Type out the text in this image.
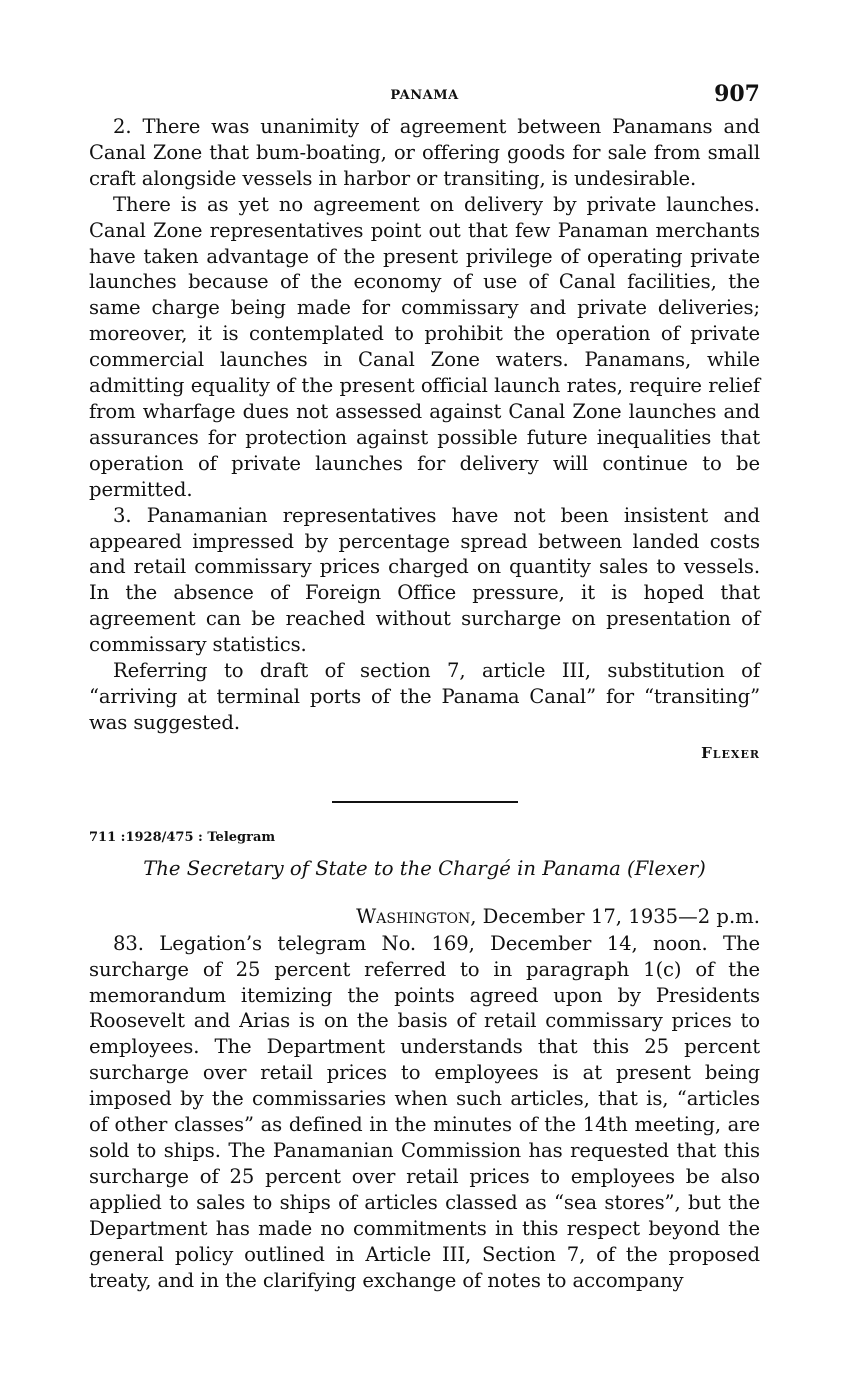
PANAMA	907

2. There was unanimity of agreement between Panamans and Canal Zone that bum-boating, or offering goods for sale from small craft alongside vessels in harbor or transiting, is undesirable.

There is as yet no agreement on delivery by private launches. Canal Zone representatives point out that few Panaman merchants have taken advantage of the present privilege of operating private launches because of the economy of use of Canal facilities, the same charge being made for commissary and private deliveries; moreover, it is contemplated to prohibit the operation of private commercial launches in Canal Zone waters. Panamans, while admitting equality of the present official launch rates, require relief from wharfage dues not assessed against Canal Zone launches and assurances for protection against possible future inequalities that operation of private launches for delivery will continue to be permitted.

3. Panamanian representatives have not been insistent and appeared impressed by percentage spread between landed costs and retail commissary prices charged on quantity sales to vessels. In the absence of Foreign Office pressure, it is hoped that agreement can be reached without surcharge on presentation of commissary statistics.

Referring to draft of section 7, article III, substitution of “arriving at terminal ports of the Panama Canal” for “transiting” was suggested.

Flexer
711 :1928/475 : Telegram
The Secretary of State to the Chargé in Panama (Flexer)
Washington, December 17, 1935—2 p.m.

83. Legation’s telegram No. 169, December 14, noon. The surcharge of 25 percent referred to in paragraph 1(c) of the memorandum itemizing the points agreed upon by Presidents Roosevelt and Arias is on the basis of retail commissary prices to employees. The Department understands that this 25 percent surcharge over retail prices to employees is at present being imposed by the commissaries when such articles, that is, “articles of other classes” as defined in the minutes of the 14th meeting, are sold to ships. The Panamanian Commission has requested that this surcharge of 25 percent over retail prices to employees be also applied to sales to ships of articles classed as “sea stores”, but the Department has made no commitments in this respect beyond the general policy outlined in Article III, Section 7, of the proposed treaty, and in the clarifying exchange of notes to accompany
